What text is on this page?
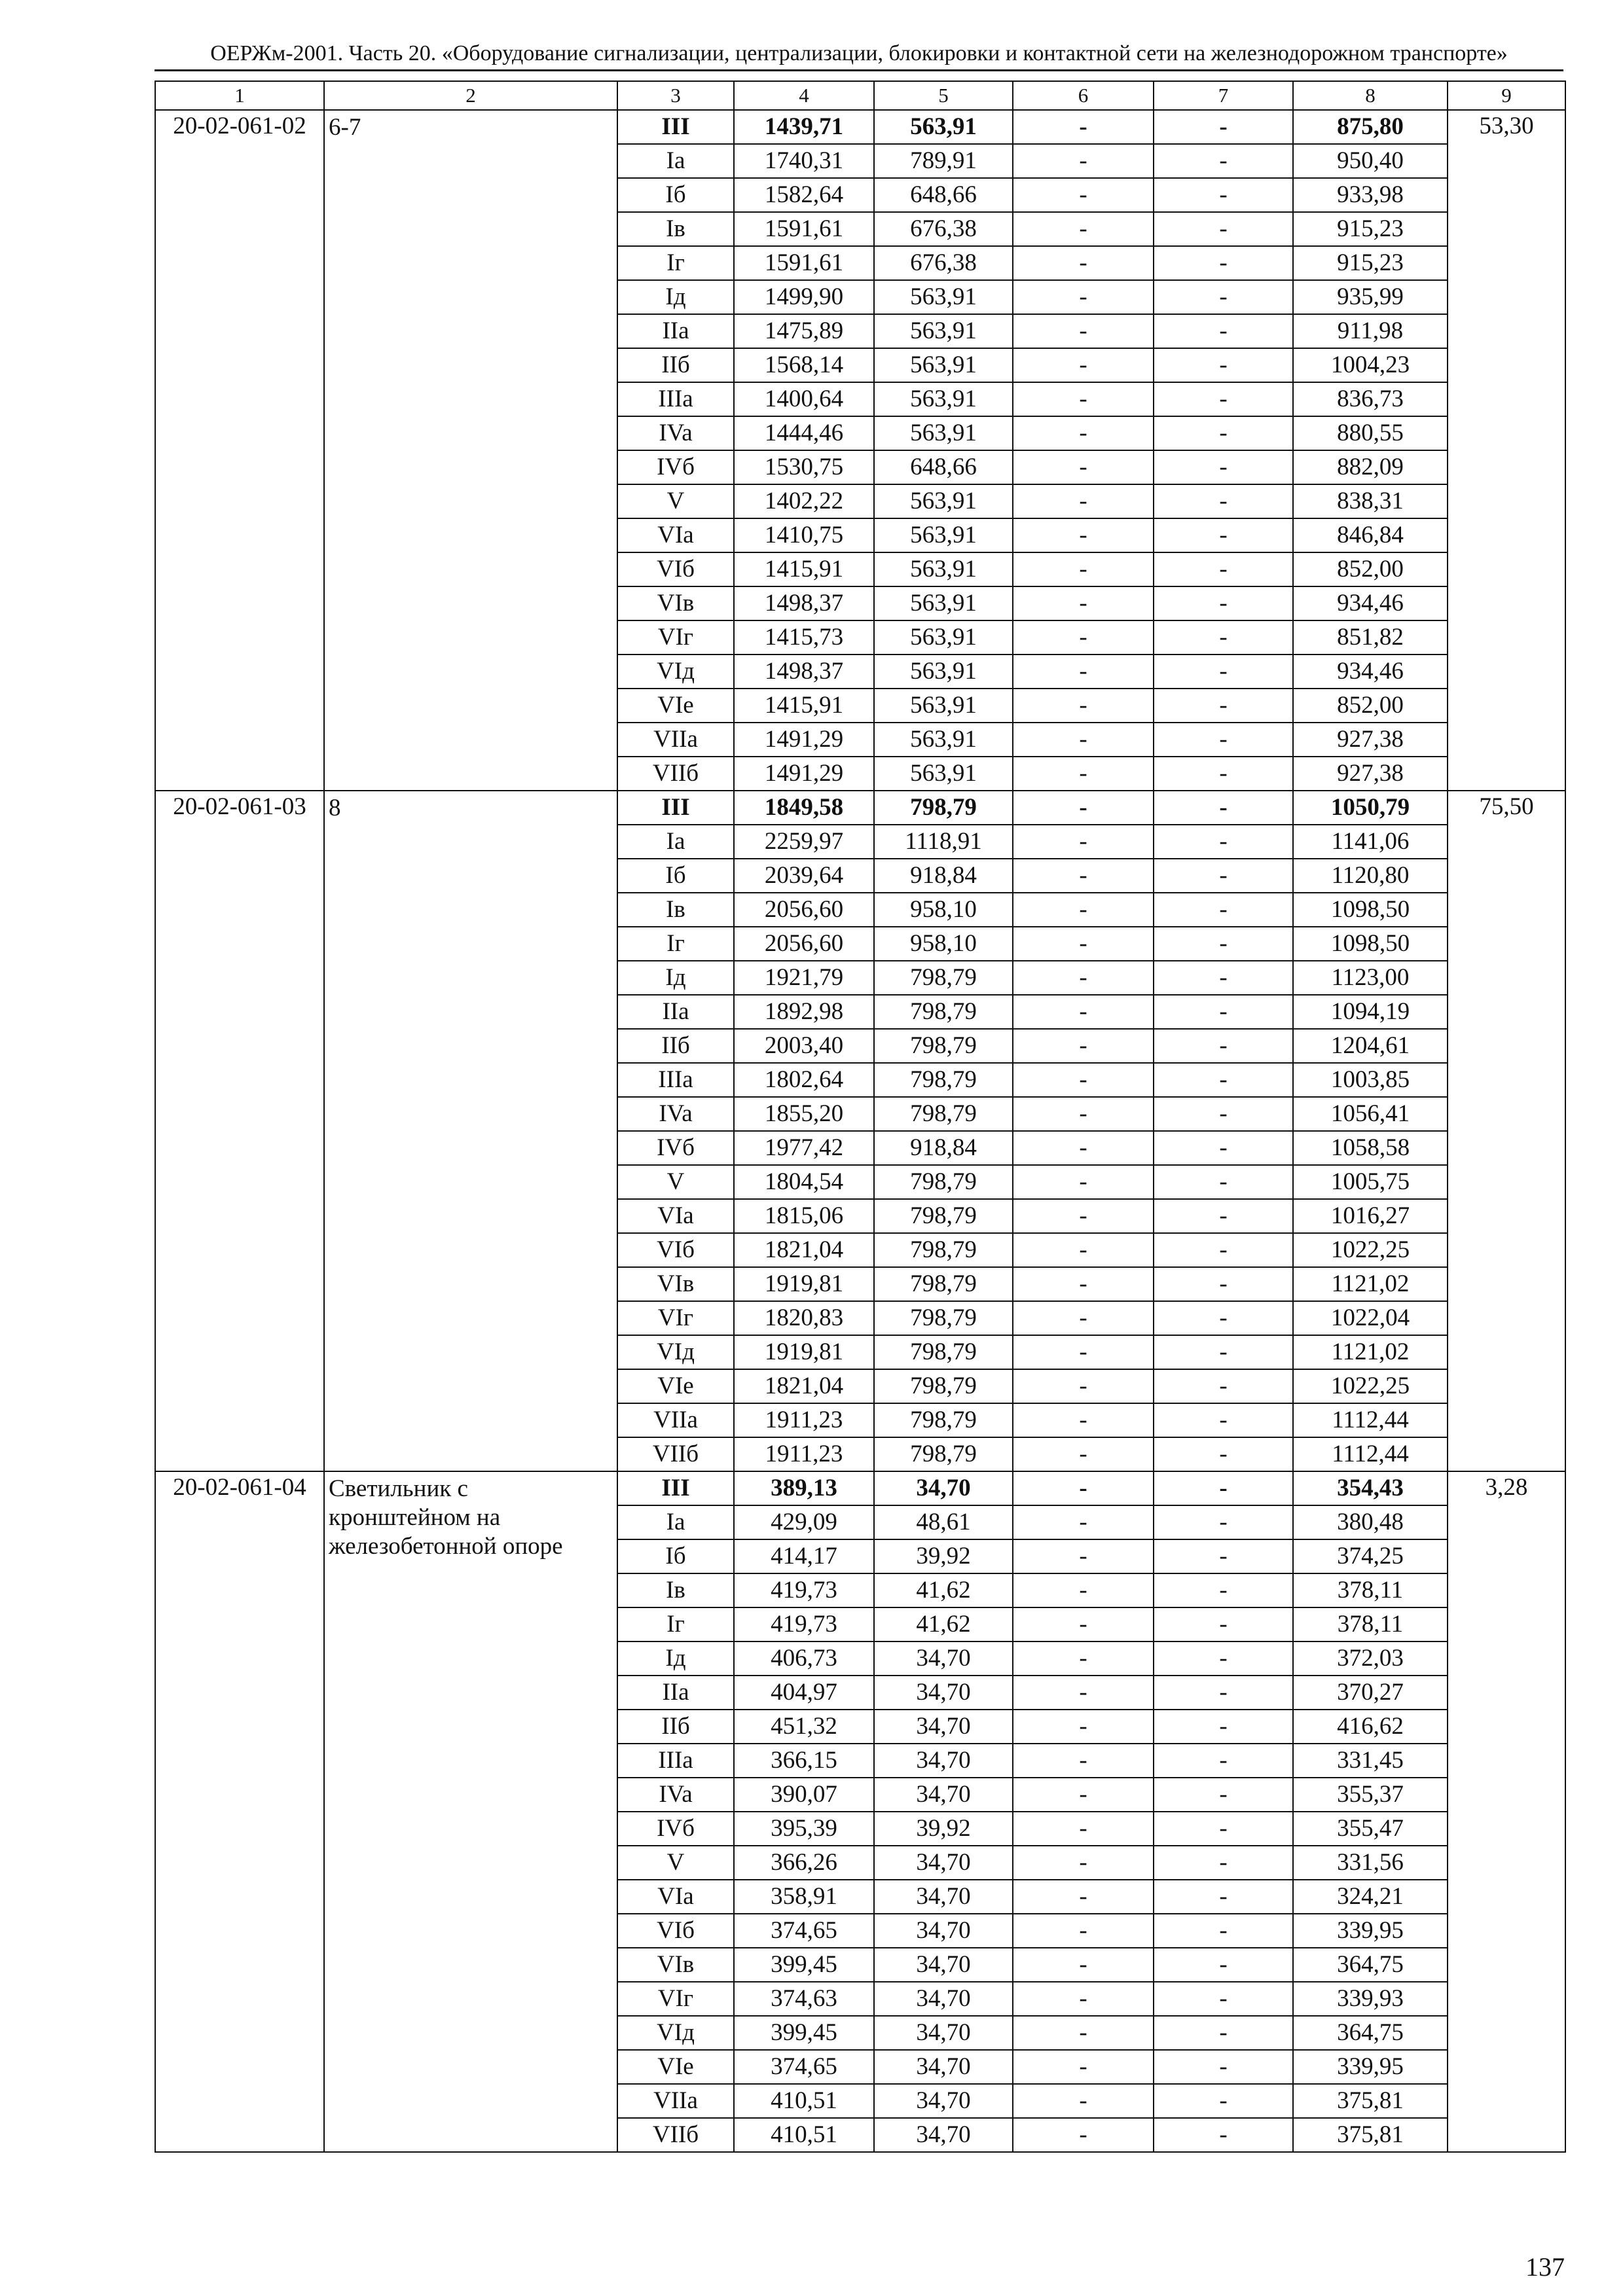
ОЕРЖм-2001. Часть 20. «Оборудование сигнализации, централизации, блокировки и контактной сети на железнодорожном транспорте»
1	2	3	4	5	6	7	8	9
20-02-061-02	6-7	III	1439,71	563,91	-	-	875,80	53,30
		Ia	1740,31	789,91	-	-	950,40	
		Iб	1582,64	648,66	-	-	933,98	
		Iв	1591,61	676,38	-	-	915,23	
		Iг	1591,61	676,38	-	-	915,23	
		Iд	1499,90	563,91	-	-	935,99	
		IIa	1475,89	563,91	-	-	911,98	
		IIб	1568,14	563,91	-	-	1004,23	
		IIIa	1400,64	563,91	-	-	836,73	
		IVa	1444,46	563,91	-	-	880,55	
		IVб	1530,75	648,66	-	-	882,09	
		V	1402,22	563,91	-	-	838,31	
		VIa	1410,75	563,91	-	-	846,84	
		VIб	1415,91	563,91	-	-	852,00	
		VIв	1498,37	563,91	-	-	934,46	
		VIг	1415,73	563,91	-	-	851,82	
		VIд	1498,37	563,91	-	-	934,46	
		VIe	1415,91	563,91	-	-	852,00	
		VIIa	1491,29	563,91	-	-	927,38	
		VIIб	1491,29	563,91	-	-	927,38	
20-02-061-03	8	III	1849,58	798,79	-	-	1050,79	75,50
		Ia	2259,97	1118,91	-	-	1141,06	
		Iб	2039,64	918,84	-	-	1120,80	
		Iв	2056,60	958,10	-	-	1098,50	
		Iг	2056,60	958,10	-	-	1098,50	
		Iд	1921,79	798,79	-	-	1123,00	
		IIa	1892,98	798,79	-	-	1094,19	
		IIб	2003,40	798,79	-	-	1204,61	
		IIIa	1802,64	798,79	-	-	1003,85	
		IVa	1855,20	798,79	-	-	1056,41	
		IVб	1977,42	918,84	-	-	1058,58	
		V	1804,54	798,79	-	-	1005,75	
		VIa	1815,06	798,79	-	-	1016,27	
		VIб	1821,04	798,79	-	-	1022,25	
		VIв	1919,81	798,79	-	-	1121,02	
		VIг	1820,83	798,79	-	-	1022,04	
		VIд	1919,81	798,79	-	-	1121,02	
		VIe	1821,04	798,79	-	-	1022,25	
		VIIa	1911,23	798,79	-	-	1112,44	
		VIIб	1911,23	798,79	-	-	1112,44	
20-02-061-04	Светильник с кронштейном на железобетонной опоре	III	389,13	34,70	-	-	354,43	3,28
		Ia	429,09	48,61	-	-	380,48	
		Iб	414,17	39,92	-	-	374,25	
		Iв	419,73	41,62	-	-	378,11	
		Iг	419,73	41,62	-	-	378,11	
		Iд	406,73	34,70	-	-	372,03	
		IIa	404,97	34,70	-	-	370,27	
		IIб	451,32	34,70	-	-	416,62	
		IIIa	366,15	34,70	-	-	331,45	
		IVa	390,07	34,70	-	-	355,37	
		IVб	395,39	39,92	-	-	355,47	
		V	366,26	34,70	-	-	331,56	
		VIa	358,91	34,70	-	-	324,21	
		VIб	374,65	34,70	-	-	339,95	
		VIв	399,45	34,70	-	-	364,75	
		VIг	374,63	34,70	-	-	339,93	
		VIд	399,45	34,70	-	-	364,75	
		VIe	374,65	34,70	-	-	339,95	
		VIIa	410,51	34,70	-	-	375,81	
		VIIб	410,51	34,70	-	-	375,81	
137
